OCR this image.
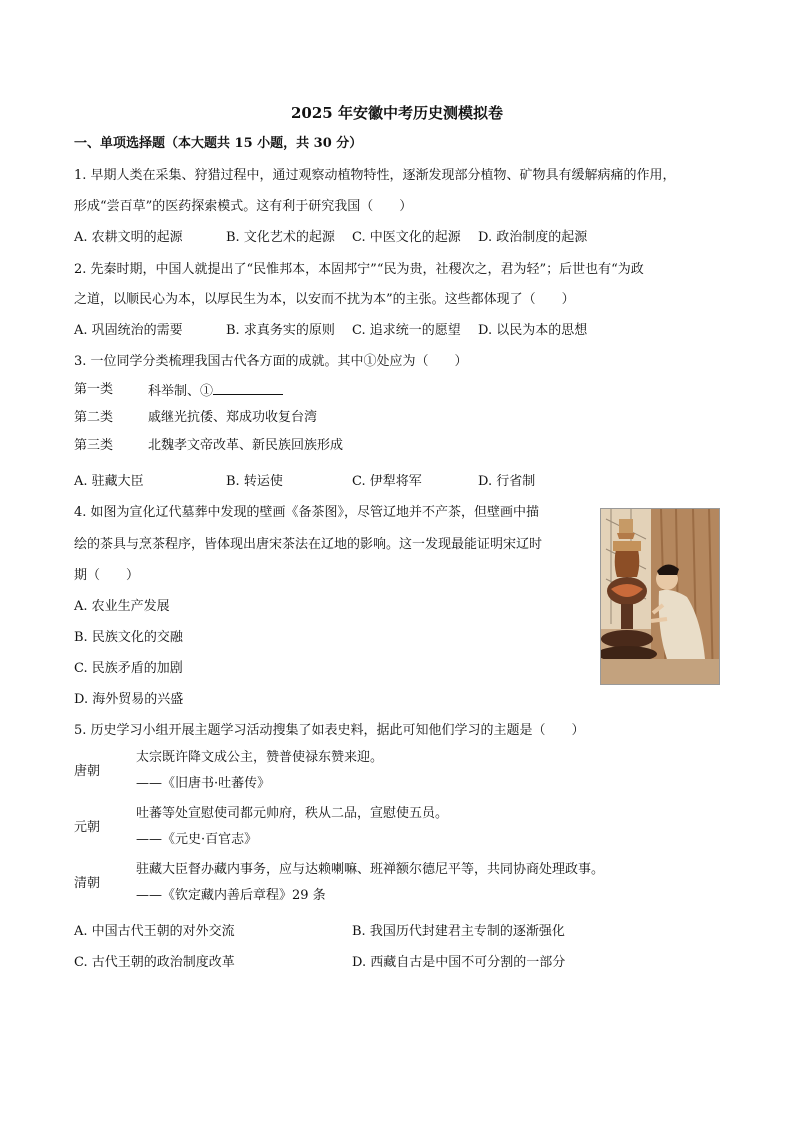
2025 年安徽中考历史测模拟卷
一、单项选择题（本大题共 15 小题，共 30 分）
1. 早期人类在采集、狩猎过程中，通过观察动植物特性，逐渐发现部分植物、矿物具有缓解病痛的作用，
形成“尝百草”的医药探索模式。这有利于研究我国（　　）
A. 农耕文明的起源	B. 文化艺术的起源 C. 中医文化的起源 D. 政治制度的起源
2. 先秦时期，中国人就提出了“民惟邦本，本固邦宁”“民为贵，社稷次之，君为轻”；后世也有“为政
之道，以顺民心为本，以厚民生为本，以安而不扰为本”的主张。这些都体现了（　　）
A. 巩固统治的需要	B. 求真务实的原则 C. 追求统一的愿望 D. 以民为本的思想
3. 一位同学分类梳理我国古代各方面的成就。其中①处应为（　　）
第一类	科举制、①
第二类	戚继光抗倭、郑成功收复台湾
第三类	北魏孝文帝改革、新民族回族形成
A. 驻藏大臣	B. 转运使	C. 伊犁将军	D. 行省制
4. 如图为宣化辽代墓葬中发现的壁画《备茶图》，尽管辽地并不产茶，但壁画中描
绘的茶具与烹茶程序，皆体现出唐宋茶法在辽地的影响。这一发现最能证明宋辽时
期（　　）
A. 农业生产发展
B. 民族文化的交融
C. 民族矛盾的加剧
D. 海外贸易的兴盛
5. 历史学习小组开展主题学习活动搜集了如表史料，据此可知他们学习的主题是（　　）
唐朝
太宗既许降文成公主，赞普使禄东赞来迎。
——《旧唐书·吐蕃传》
元朝
吐蕃等处宣慰使司都元帅府，秩从二品，宣慰使五员。
——《元史·百官志》
清朝
驻藏大臣督办藏内事务，应与达赖喇嘛、班禅额尔德尼平等，共同协商处理政事。
——《钦定藏内善后章程》29 条
A. 中国古代王朝的对外交流	B. 我国历代封建君主专制的逐渐强化
C. 古代王朝的政治制度改革	D. 西藏自古是中国不可分割的一部分
